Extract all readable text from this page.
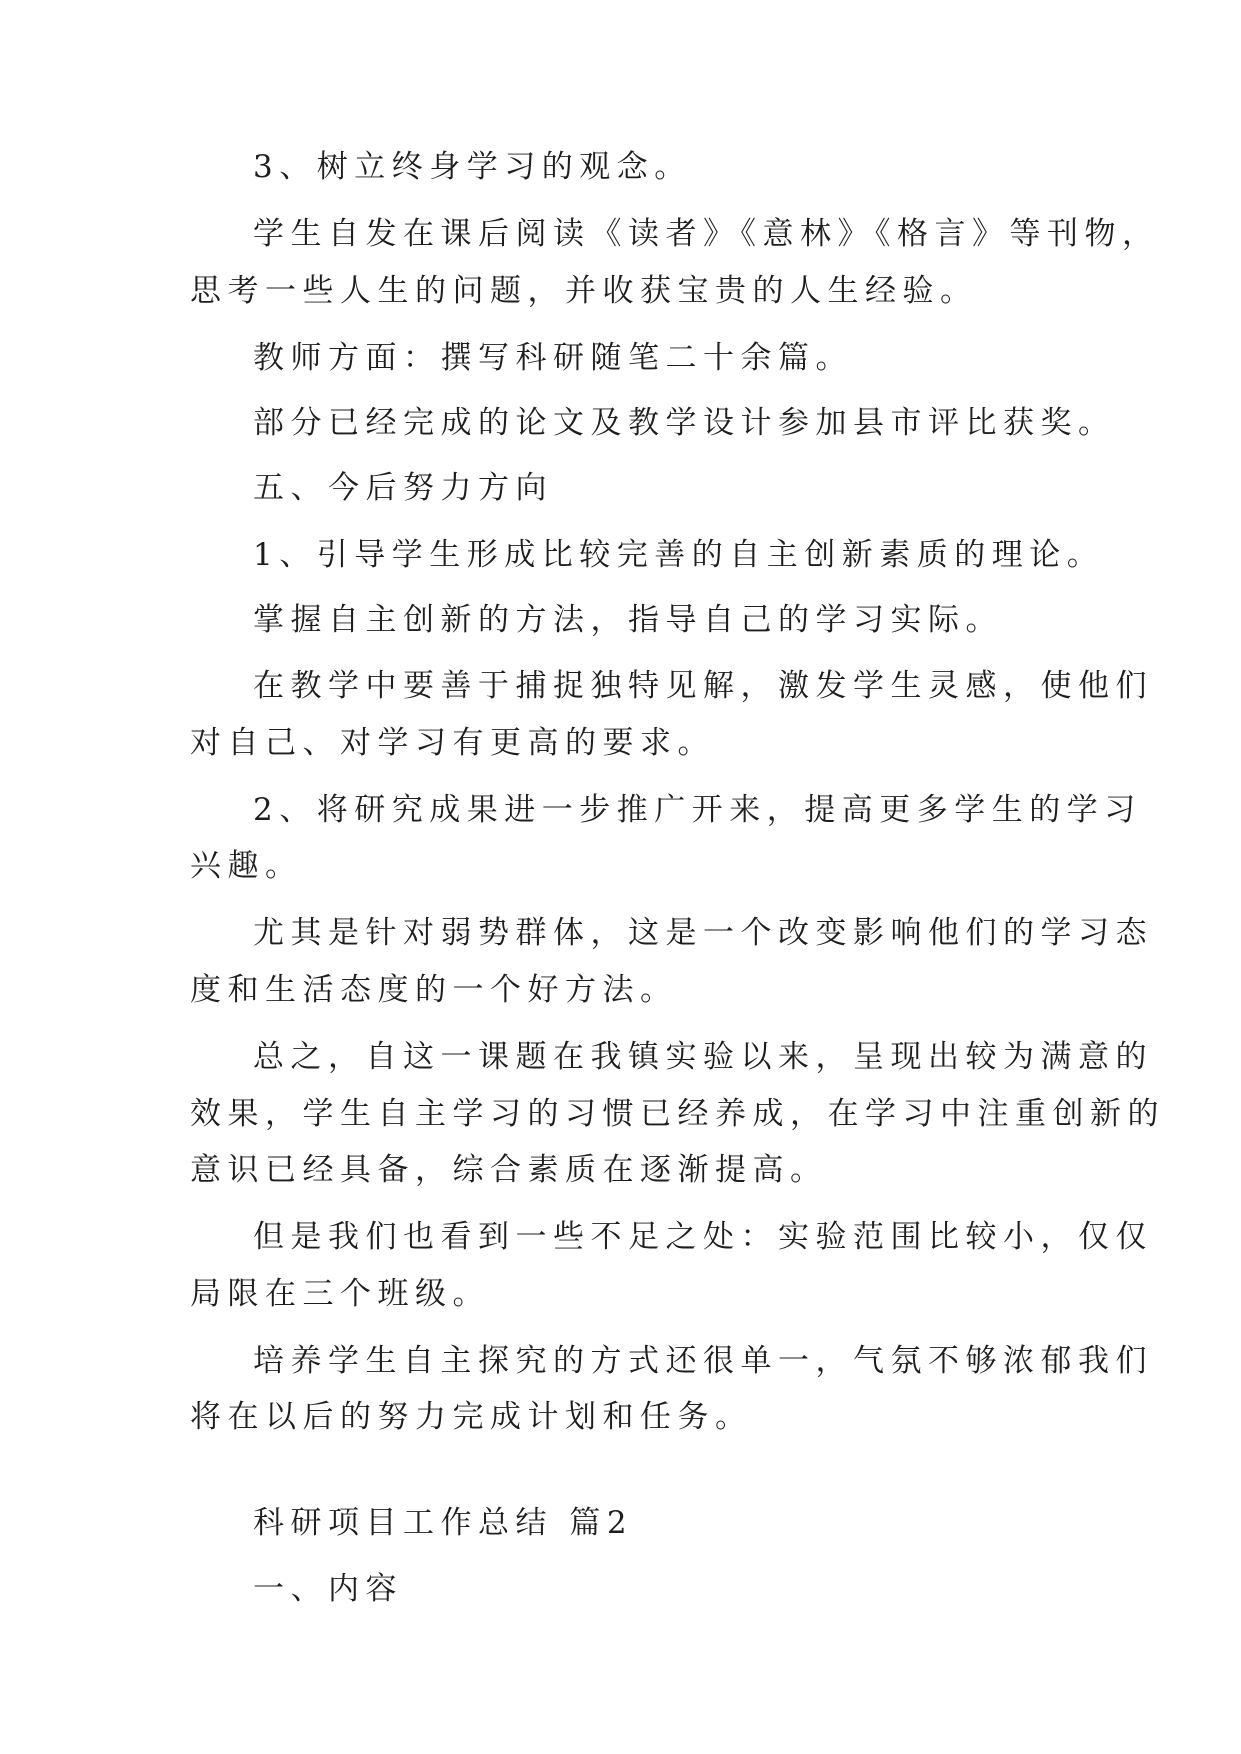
3、树立终身学习的观念。
学生自发在课后阅读《读者》《意林》《格言》等刊物，
思考一些人生的问题，并收获宝贵的人生经验。
教师方面：撰写科研随笔二十余篇。
部分已经完成的论文及教学设计参加县市评比获奖。
五、今后努力方向
1、引导学生形成比较完善的自主创新素质的理论。
掌握自主创新的方法，指导自己的学习实际。
在教学中要善于捕捉独特见解，激发学生灵感，使他们
对自己、对学习有更高的要求。
2、将研究成果进一步推广开来，提高更多学生的学习
兴趣。
尤其是针对弱势群体，这是一个改变影响他们的学习态
度和生活态度的一个好方法。
总之，自这一课题在我镇实验以来，呈现出较为满意的
效果，学生自主学习的习惯已经养成，在学习中注重创新的
意识已经具备，综合素质在逐渐提高。
但是我们也看到一些不足之处：实验范围比较小，仅仅
局限在三个班级。
培养学生自主探究的方式还很单一，气氛不够浓郁我们
将在以后的努力完成计划和任务。
科研项目工作总结 篇2
一、内容
